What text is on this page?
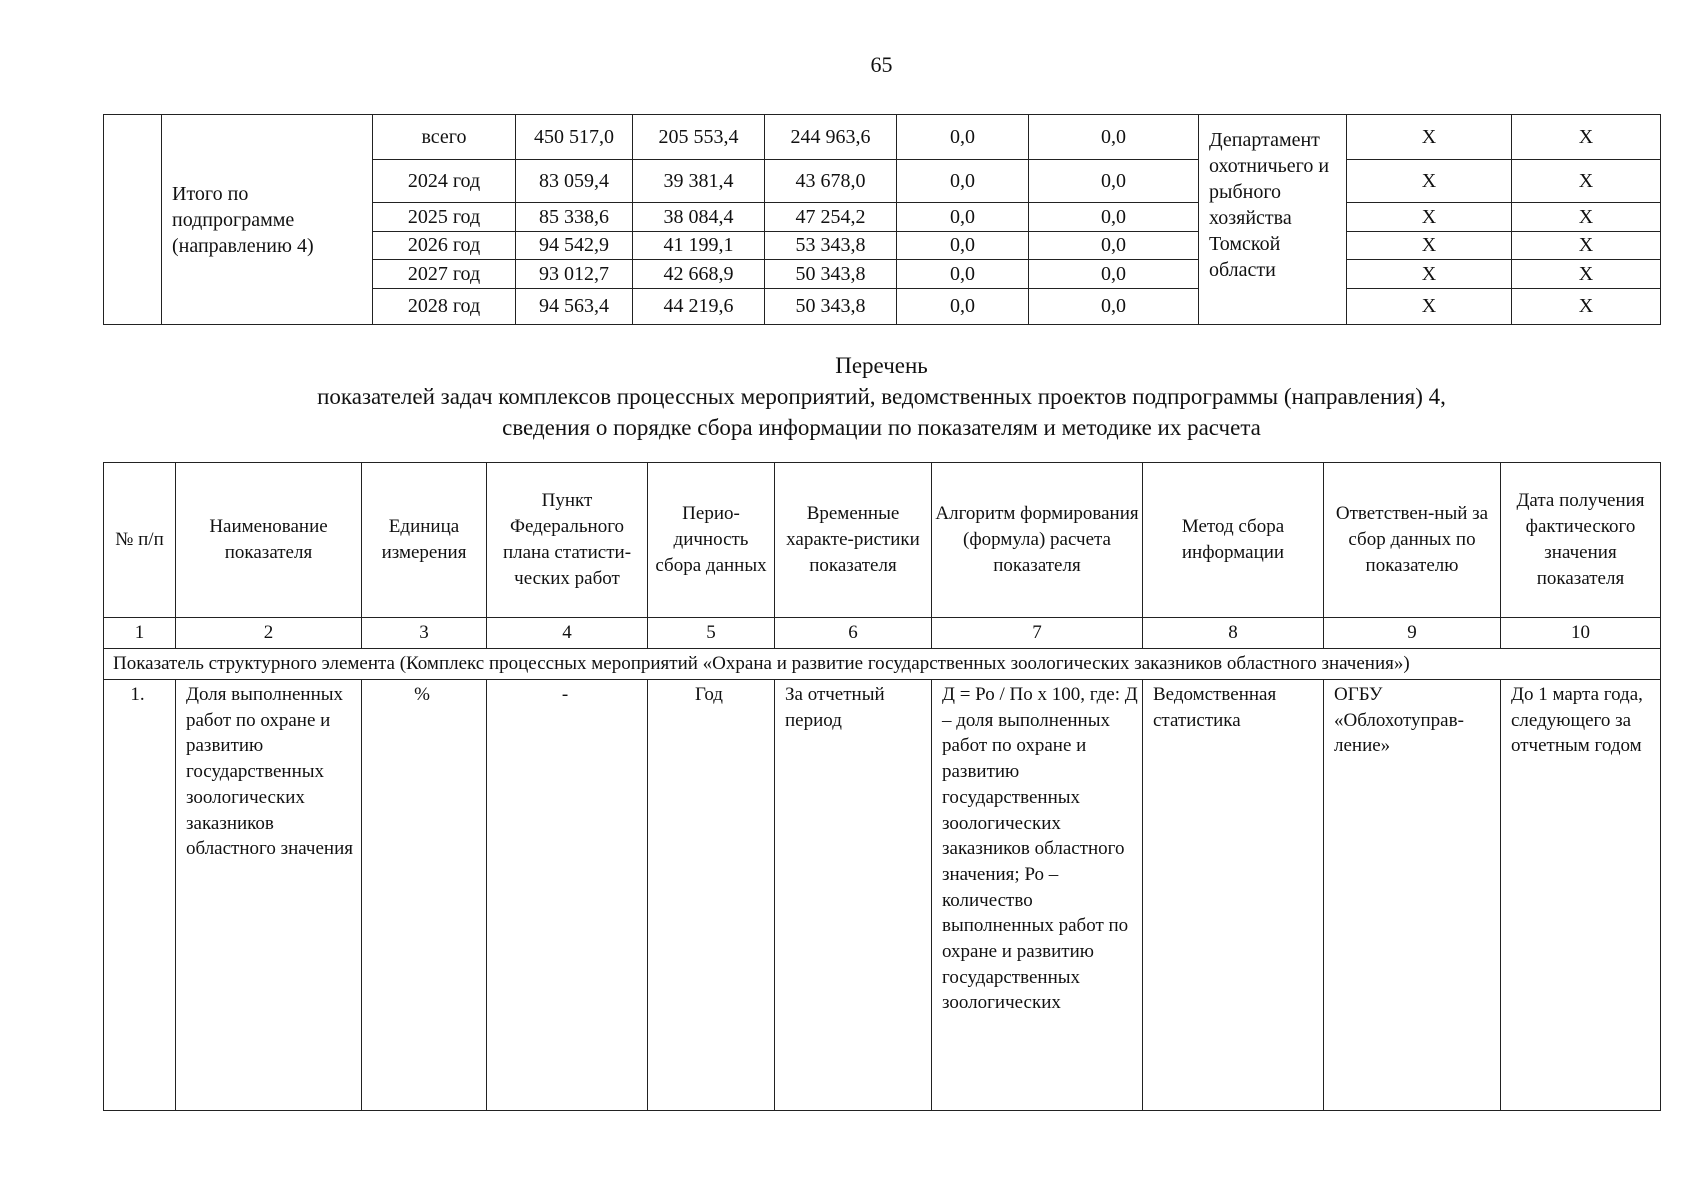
65
	Итого по подпрограмме (направлению 4)	всего	450 517,0	205 553,4	244 963,6	0,0	0,0	Департамент охотничьего и рыбного хозяйства Томской области	X	X
		2024 год	83 059,4	39 381,4	43 678,0	0,0	0,0		X	X
		2025 год	85 338,6	38 084,4	47 254,2	0,0	0,0		X	X
		2026 год	94 542,9	41 199,1	53 343,8	0,0	0,0		X	X
		2027 год	93 012,7	42 668,9	50 343,8	0,0	0,0		X	X
		2028 год	94 563,4	44 219,6	50 343,8	0,0	0,0		X	X
Перечень
показателей задач комплексов процессных мероприятий, ведомственных проектов подпрограммы (направления) 4,
сведения о порядке сбора информации по показателям и методике их расчета
№ п/п	Наименование показателя	Единица измерения	Пункт Федерального плана статисти-ческих работ	Перио-дичность сбора данных	Временные характе-ристики показателя	Алгоритм формирования (формула) расчета показателя	Метод сбора информации	Ответствен-ный за сбор данных по показателю	Дата получения фактического значения показателя
1	2	3	4	5	6	7	8	9	10
Показатель структурного элемента (Комплекс процессных мероприятий «Охрана и развитие государственных зоологических заказников областного значения»)									
1.	Доля выполненных работ по охране и развитию государственных зоологических заказников областного значения	%	-	Год	За отчетный период	Д = Ро / По х 100, где: Д – доля выполненных работ по охране и развитию государственных зоологических заказников областного значения; Ро – количество выполненных работ по охране и развитию государственных зоологических	Ведомственная статистика	ОГБУ «Облохотуправ-ление»	До 1 марта года, следующего за отчетным годом
